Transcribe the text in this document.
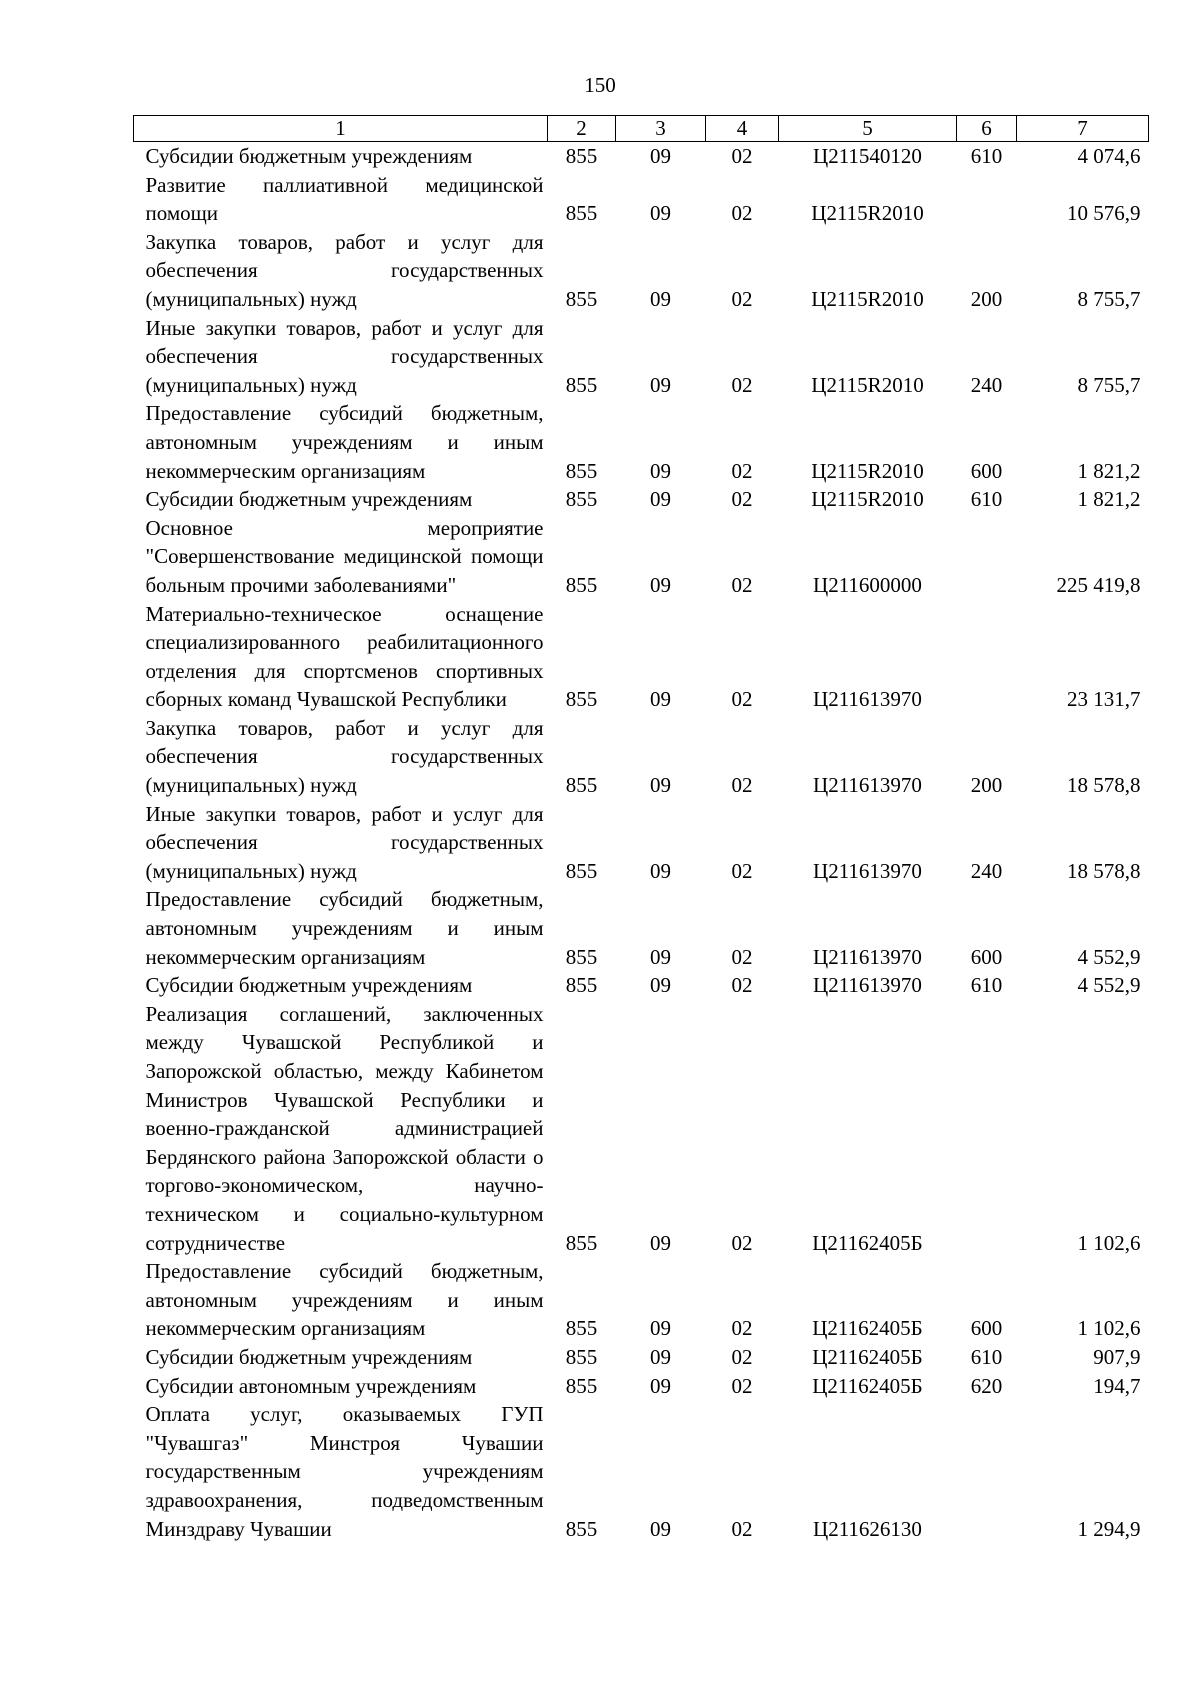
150
1	2	3	4	5	6	7
Субсидии бюджетным учреждениям	855	09	02	Ц211540120	610	4 074,6
Развитие паллиативной медицинской помощи	855	09	02	Ц2115R2010		10 576,9
Закупка товаров, работ и услуг для обеспечения государственных (муниципальных) нужд	855	09	02	Ц2115R2010	200	8 755,7
Иные закупки товаров, работ и услуг для обеспечения государственных (муниципальных) нужд	855	09	02	Ц2115R2010	240	8 755,7
Предоставление субсидий бюджетным, автономным учреждениям и иным некоммерческим организациям	855	09	02	Ц2115R2010	600	1 821,2
Субсидии бюджетным учреждениям	855	09	02	Ц2115R2010	610	1 821,2
Основное мероприятие "Совершенствование медицинской помощи больным прочими заболеваниями"	855	09	02	Ц211600000		225 419,8
Материально-техническое оснащение специализированного реабилитационного отделения для спортсменов спортивных сборных команд Чувашской Республики	855	09	02	Ц211613970		23 131,7
Закупка товаров, работ и услуг для обеспечения государственных (муниципальных) нужд	855	09	02	Ц211613970	200	18 578,8
Иные закупки товаров, работ и услуг для обеспечения государственных (муниципальных) нужд	855	09	02	Ц211613970	240	18 578,8
Предоставление субсидий бюджетным, автономным учреждениям и иным некоммерческим организациям	855	09	02	Ц211613970	600	4 552,9
Субсидии бюджетным учреждениям	855	09	02	Ц211613970	610	4 552,9
Реализация соглашений, заключенных между Чувашской Республикой и Запорожской областью, между Кабинетом Министров Чувашской Республики и военно-гражданской администрацией Бердянского района Запорожской области о торгово-экономическом, научно-техническом и социально-культурном сотрудничестве	855	09	02	Ц21162405Б		1 102,6
Предоставление субсидий бюджетным, автономным учреждениям и иным некоммерческим организациям	855	09	02	Ц21162405Б	600	1 102,6
Субсидии бюджетным учреждениям	855	09	02	Ц21162405Б	610	907,9
Субсидии автономным учреждениям	855	09	02	Ц21162405Б	620	194,7
Оплата услуг, оказываемых ГУП "Чувашгаз" Минстроя Чувашии государственным учреждениям здравоохранения, подведомственным Минздраву Чувашии	855	09	02	Ц211626130		1 294,9
